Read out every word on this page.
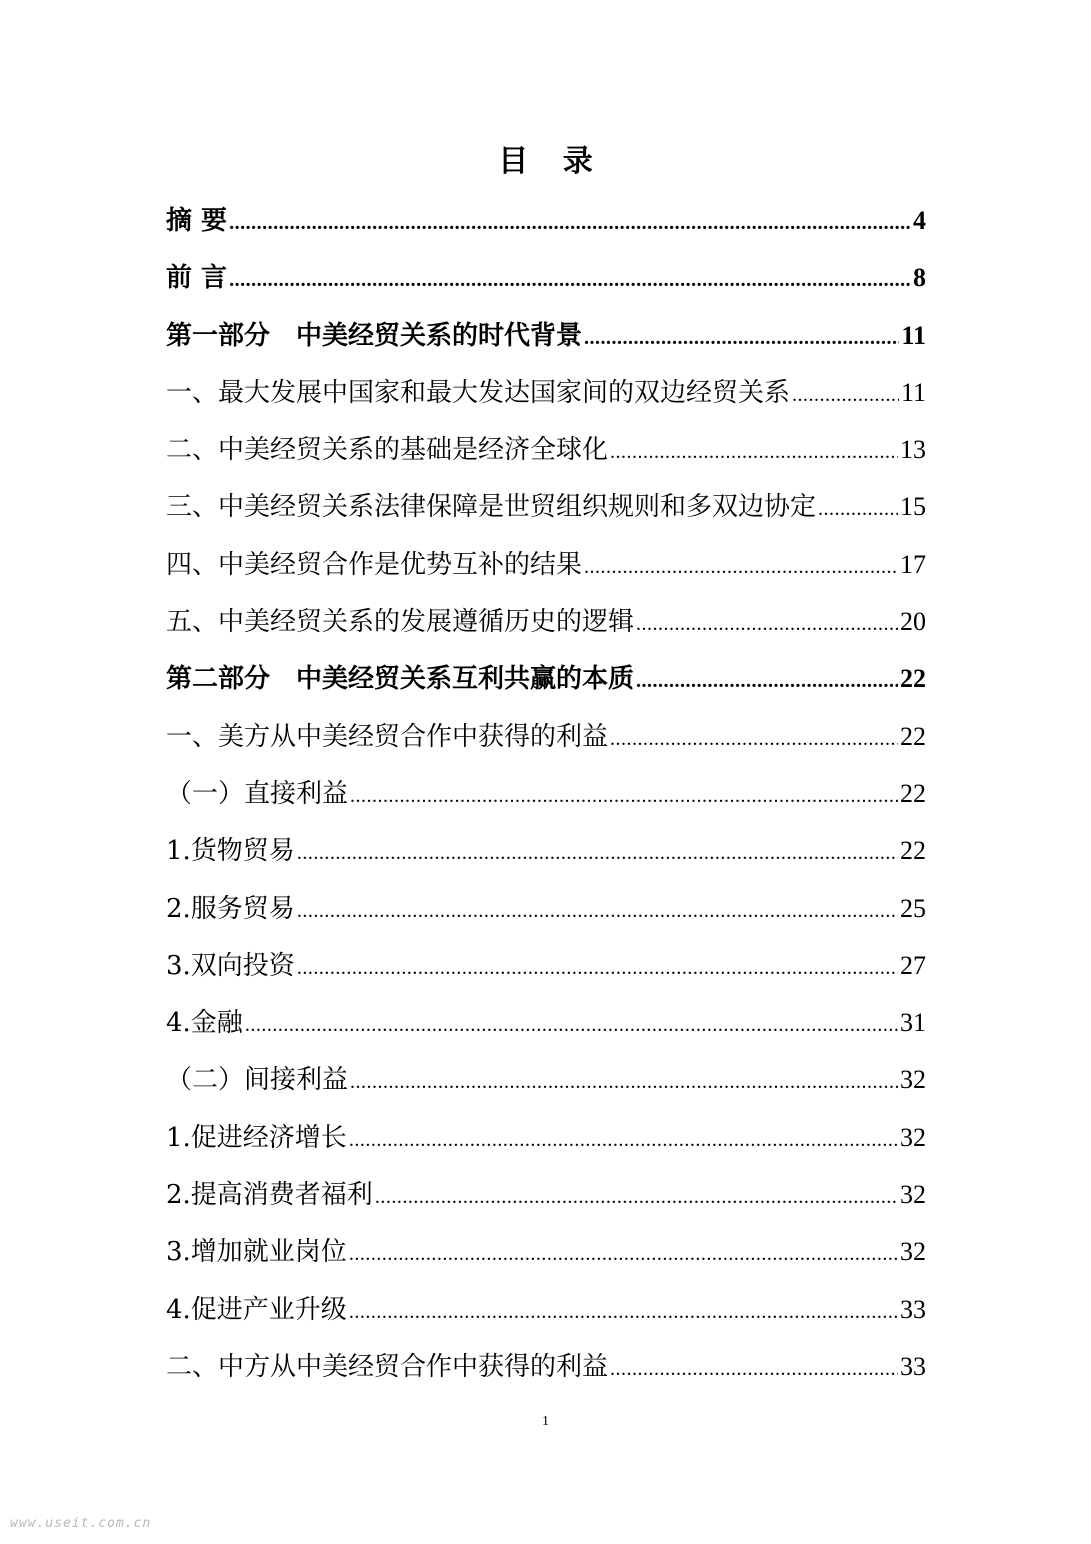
目 录
摘 要 .....	4
前 言 .....	8
第一部分　中美经贸关系的时代背景 .....	11
一、最大发展中国家和最大发达国家间的双边经贸关系 .....	11
二、中美经贸关系的基础是经济全球化 .....	13
三、中美经贸关系法律保障是世贸组织规则和多双边协定 .....	15
四、中美经贸合作是优势互补的结果 .....	17
五、中美经贸关系的发展遵循历史的逻辑 .....	20
第二部分　中美经贸关系互利共赢的本质 .....	22
一、美方从中美经贸合作中获得的利益 .....	22
（一）直接利益 .....	22
1.货物贸易 .....	22
2.服务贸易 .....	25
3.双向投资 .....	27
4.金融 .....	31
（二）间接利益 .....	32
1.促进经济增长 .....	32
2.提高消费者福利 .....	32
3.增加就业岗位 .....	32
4.促进产业升级 .....	33
二、中方从中美经贸合作中获得的利益 .....	33
1
www.useit.com.cn
